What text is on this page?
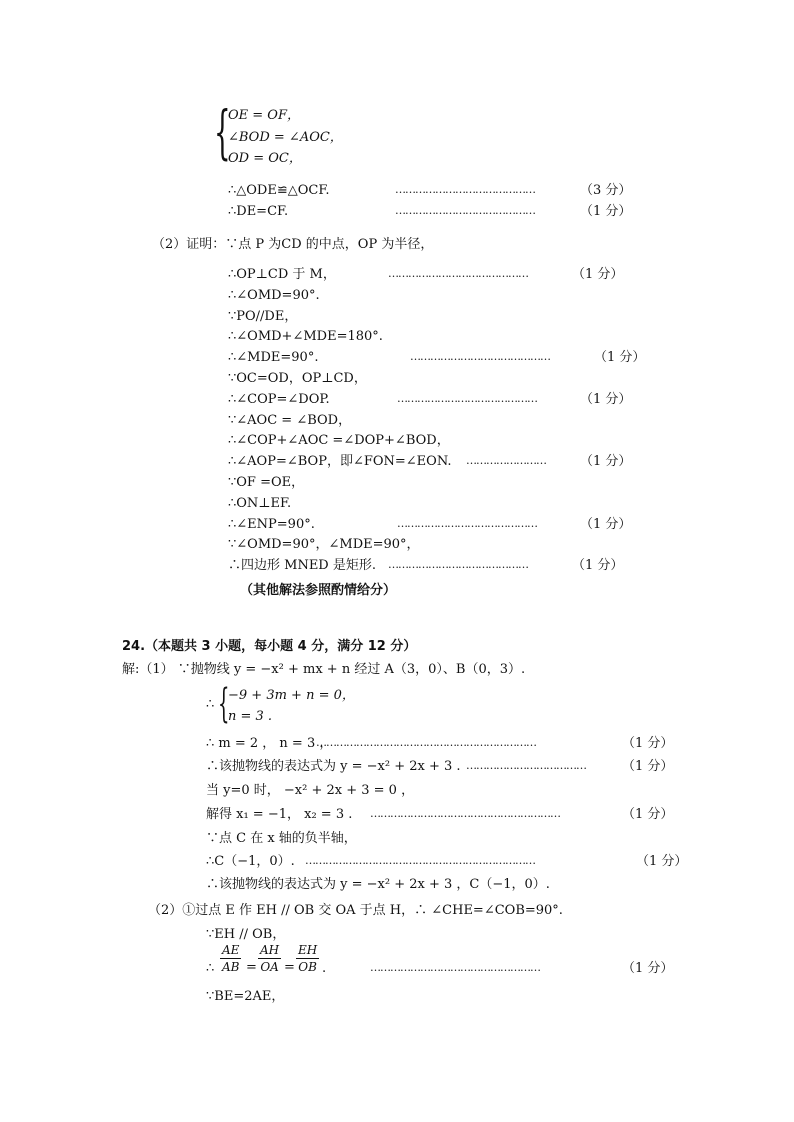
{
OE = OF，
∠BOD = ∠AOC，
OD = OC，
∴△ODE≌△OCF.	……………………………………	（3 分）
∴DE=CF.	……………………………………	（1 分）
（2）证明：∵点 P 为CD 的中点，OP 为半径，
∴OP⊥CD 于 M，	……………………………………	（1 分）
∴∠OMD=90°.
∵PO//DE，
∴∠OMD+∠MDE=180°.
∴∠MDE=90°.	……………………………………	（1 分）
∵OC=OD，OP⊥CD，
∴∠COP=∠DOP.	……………………………………	（1 分）
∵∠AOC = ∠BOD，
∴∠COP+∠AOC =∠DOP+∠BOD，
∴∠AOP=∠BOP，即∠FON=∠EON. ……………………	（1 分）
∵OF =OE，
∴ON⊥EF.
∴∠ENP=90°.	……………………………………	（1 分）
∵∠OMD=90°，∠MDE=90°，
∴四边形 MNED 是矩形. ……………………………………	（1 分）
（其他解法参照酌情给分）
24.（本题共 3 小题，每小题 4 分，满分 12 分）
解:（1） ∵抛物线 y = −x² + mx + n 经过 A（3，0）、B（0，3）.
∴ {
−9 + 3m + n = 0，
n = 3 .
∴ m = 2 ， n = 3 ，
…………………………………………………………	（1 分）
∴该抛物线的表达式为 y = −x² + 2x + 3 . ………………………………	（1 分）
当 y=0 时， −x² + 2x + 3 = 0 ，
解得 x₁ = −1， x₂ = 3 . …………………………………………………	（1 分）
∵点 C 在 x 轴的负半轴，
∴C（−1，0）. ……………………………………………………………	（1 分）
∴该抛物线的表达式为 y = −x² + 2x + 3 ，C（−1，0）.
（2）①过点 E 作 EH // OB 交 OA 于点 H，∴ ∠CHE=∠COB=90°.
∵EH // OB，
∴ $\frac{AE}{AB} = \frac{AH}{OA} = \frac{EH}{OB}$ .	……………………………………………	（1 分）
∵BE=2AE，
